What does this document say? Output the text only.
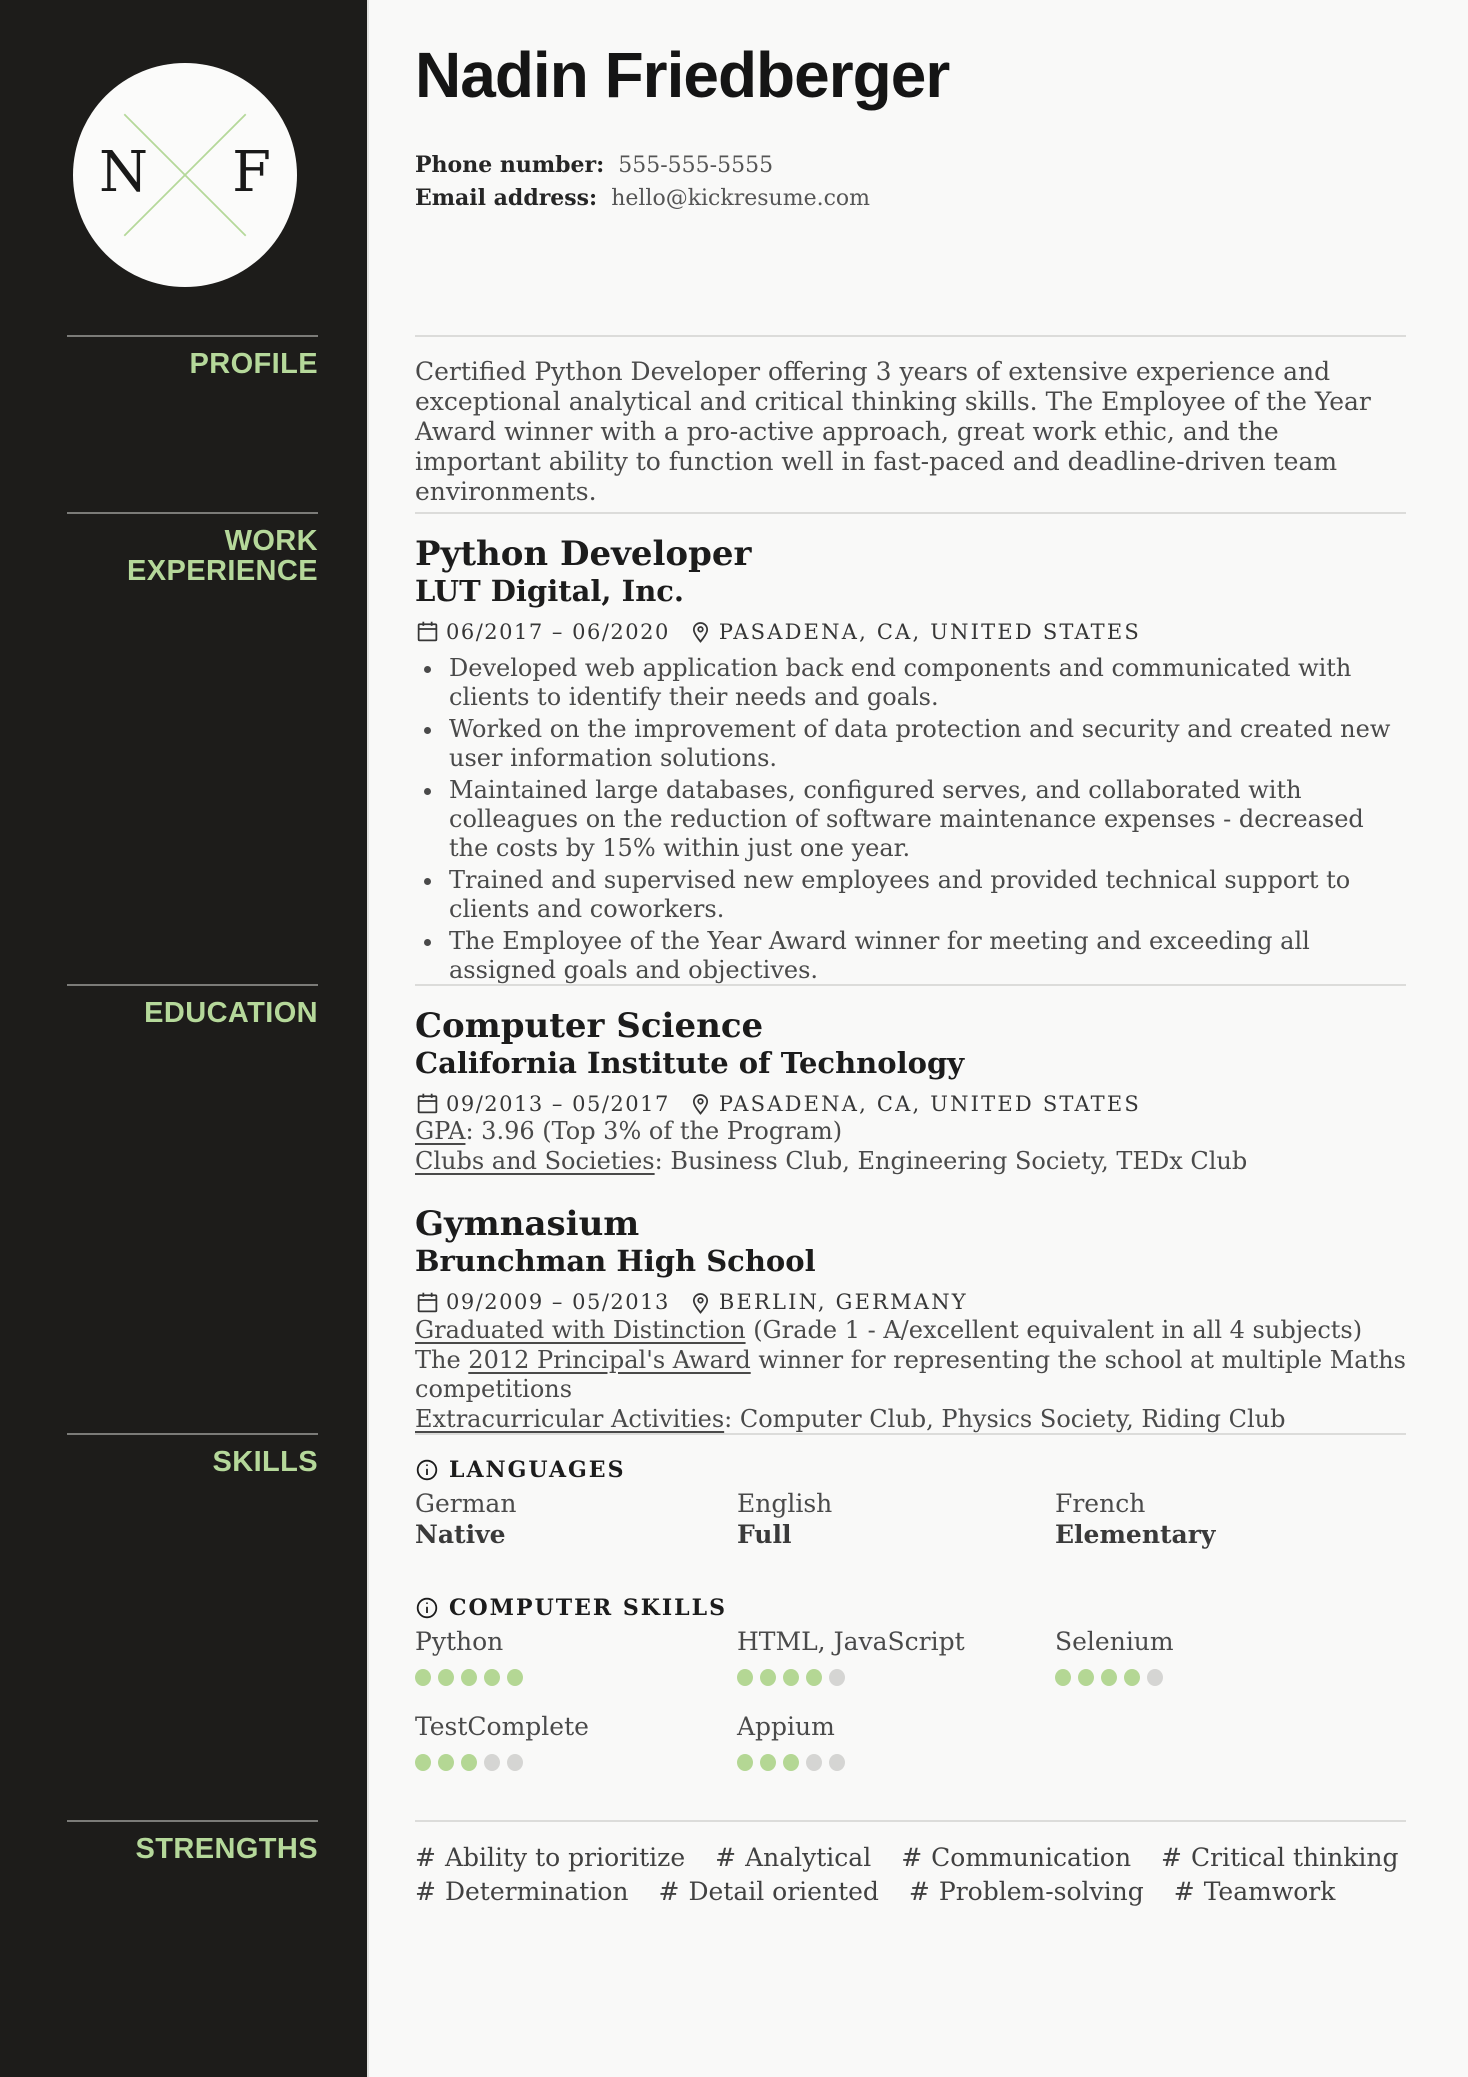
N F
Nadin Friedberger
Phone number: 555-555-5555
Email address: hello@kickresume.com
PROFILE	Certified Python Developer offering 3 years of extensive experience and exceptional analytical and critical thinking skills. The Employee of the Year Award winner with a pro-active approach, great work ethic, and the important ability to function well in fast-paced and deadline-driven team environments.

WORK EXPERIENCE	Python Developer
LUT Digital, Inc.
06/2017 – 06/2020 PASADENA, CA, UNITED STATES
• Developed web application back end components and communicated with clients to identify their needs and goals.
• Worked on the improvement of data protection and security and created new user information solutions.
• Maintained large databases, configured serves, and collaborated with colleagues on the reduction of software maintenance expenses - decreased the costs by 15% within just one year.
• Trained and supervised new employees and provided technical support to clients and coworkers.
• The Employee of the Year Award winner for meeting and exceeding all assigned goals and objectives.
EDUCATION	Computer Science
California Institute of Technology
09/2013 – 05/2017 PASADENA, CA, UNITED STATES

GPA: 3.96 (Top 3% of the Program)

Clubs and Societies: Business Club, Engineering Society, TEDx Club

Gymnasium
Brunchman High School
09/2009 – 05/2013 BERLIN, GERMANY

Graduated with Distinction (Grade 1 - A/excellent equivalent in all 4 subjects)

The 2012 Principal's Award winner for representing the school at multiple Maths competitions

Extracurricular Activities: Computer Club, Physics Society, Riding Club

SKILLS	LANGUAGES
German
Native
English
Full
French
Elementary
COMPUTER SKILLS
Python	HTML, JavaScript	Selenium
TestComplete	Appium
STRENGTHS	# Ability to prioritize # Analytical # Communication # Critical thinking
# Determination # Detail oriented # Problem-solving # Teamwork
